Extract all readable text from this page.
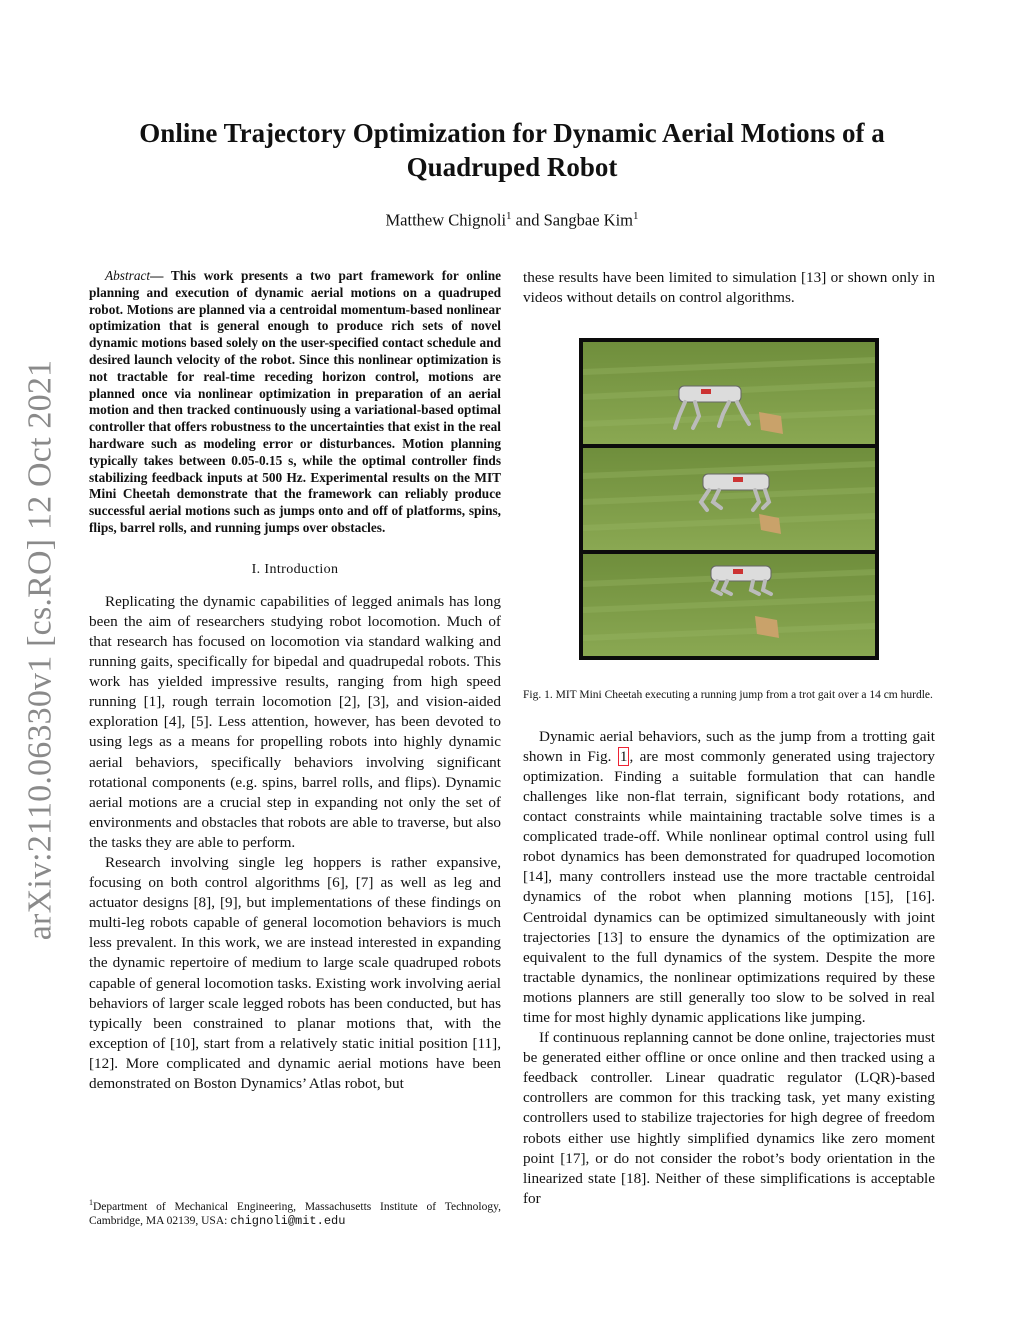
arXiv:2110.06330v1 [cs.RO] 12 Oct 2021
Online Trajectory Optimization for Dynamic Aerial Motions of a Quadruped Robot
Matthew Chignoli$^1$ and Sangbae Kim$^1$

Abstract— This work presents a two part framework for online planning and execution of dynamic aerial motions on a quadruped robot. Motions are planned via a centroidal momentum-based nonlinear optimization that is general enough to produce rich sets of novel dynamic motions based solely on the user-specified contact schedule and desired launch velocity of the robot. Since this nonlinear optimization is not tractable for real-time receding horizon control, motions are planned once via nonlinear optimization in preparation of an aerial motion and then tracked continuously using a variational-based optimal controller that offers robustness to the uncertainties that exist in the real hardware such as modeling error or disturbances. Motion planning typically takes between 0.05-0.15 s, while the optimal controller finds stabilizing feedback inputs at 500 Hz. Experimental results on the MIT Mini Cheetah demonstrate that the framework can reliably produce successful aerial motions such as jumps onto and off of platforms, spins, flips, barrel rolls, and running jumps over obstacles.

I. Introduction

Replicating the dynamic capabilities of legged animals has long been the aim of researchers studying robot locomotion. Much of that research has focused on locomotion via standard walking and running gaits, specifically for bipedal and quadrupedal robots. This work has yielded impressive results, ranging from high speed running [1], rough terrain locomotion [2], [3], and vision-aided exploration [4], [5]. Less attention, however, has been devoted to using legs as a means for propelling robots into highly dynamic aerial behaviors, specifically behaviors involving significant rotational components (e.g. spins, barrel rolls, and flips). Dynamic aerial motions are a crucial step in expanding not only the set of environments and obstacles that robots are able to traverse, but also the tasks they are able to perform.

Research involving single leg hoppers is rather expansive, focusing on both control algorithms [6], [7] as well as leg and actuator designs [8], [9], but implementations of these findings on multi-leg robots capable of general locomotion behaviors is much less prevalent. In this work, we are instead interested in expanding the dynamic repertoire of medium to large scale quadruped robots capable of general locomotion tasks. Existing work involving aerial behaviors of larger scale legged robots has been conducted, but has typically been constrained to planar motions that, with the exception of [10], start from a relatively static initial position [11], [12]. More complicated and dynamic aerial motions have been demonstrated on Boston Dynamics’ Atlas robot, but

$^1$Department of Mechanical Engineering, Massachusetts Institute of Technology, Cambridge, MA 02139, USA: chignoli@mit.edu

these results have been limited to simulation [13] or shown only in videos without details on control algorithms.

Fig. 1. MIT Mini Cheetah executing a running jump from a trot gait over a 14 cm hurdle.

Dynamic aerial behaviors, such as the jump from a trotting gait shown in Fig. 1 , are most commonly generated using trajectory optimization. Finding a suitable formulation that can handle challenges like non-flat terrain, significant body rotations, and contact constraints while maintaining tractable solve times is a complicated trade-off. While nonlinear optimal control using full robot dynamics has been demonstrated for quadruped locomotion [14], many controllers instead use the more tractable centroidal dynamics of the robot when planning motions [15], [16]. Centroidal dynamics can be optimized simultaneously with joint trajectories [13] to ensure the dynamics of the optimization are equivalent to the full dynamics of the system. Despite the more tractable dynamics, the nonlinear optimizations required by these motions planners are still generally too slow to be solved in real time for most highly dynamic applications like jumping.

If continuous replanning cannot be done online, trajectories must be generated either offline or once online and then tracked using a feedback controller. Linear quadratic regulator (LQR)-based controllers are common for this tracking task, yet many existing controllers used to stabilize trajectories for high degree of freedom robots either use hightly simplified dynamics like zero moment point [17], or do not consider the robot’s body orientation in the linearized state [18]. Neither of these simplifications is acceptable for
